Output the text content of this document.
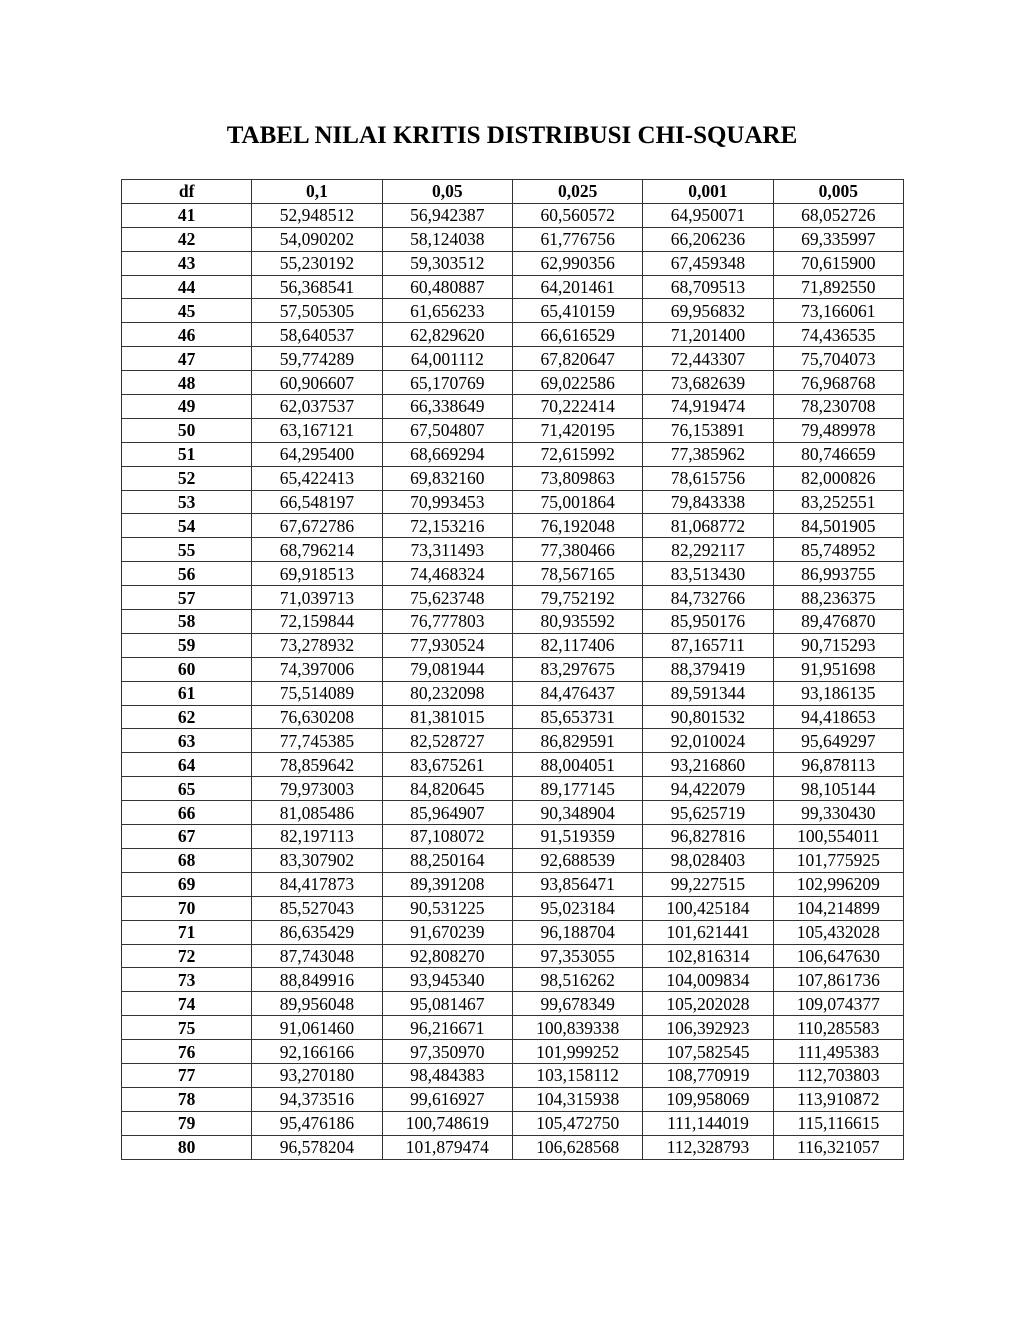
TABEL NILAI KRITIS DISTRIBUSI CHI-SQUARE
df	0,1	0,05	0,025	0,001	0,005
41	52,948512	56,942387	60,560572	64,950071	68,052726
42	54,090202	58,124038	61,776756	66,206236	69,335997
43	55,230192	59,303512	62,990356	67,459348	70,615900
44	56,368541	60,480887	64,201461	68,709513	71,892550
45	57,505305	61,656233	65,410159	69,956832	73,166061
46	58,640537	62,829620	66,616529	71,201400	74,436535
47	59,774289	64,001112	67,820647	72,443307	75,704073
48	60,906607	65,170769	69,022586	73,682639	76,968768
49	62,037537	66,338649	70,222414	74,919474	78,230708
50	63,167121	67,504807	71,420195	76,153891	79,489978
51	64,295400	68,669294	72,615992	77,385962	80,746659
52	65,422413	69,832160	73,809863	78,615756	82,000826
53	66,548197	70,993453	75,001864	79,843338	83,252551
54	67,672786	72,153216	76,192048	81,068772	84,501905
55	68,796214	73,311493	77,380466	82,292117	85,748952
56	69,918513	74,468324	78,567165	83,513430	86,993755
57	71,039713	75,623748	79,752192	84,732766	88,236375
58	72,159844	76,777803	80,935592	85,950176	89,476870
59	73,278932	77,930524	82,117406	87,165711	90,715293
60	74,397006	79,081944	83,297675	88,379419	91,951698
61	75,514089	80,232098	84,476437	89,591344	93,186135
62	76,630208	81,381015	85,653731	90,801532	94,418653
63	77,745385	82,528727	86,829591	92,010024	95,649297
64	78,859642	83,675261	88,004051	93,216860	96,878113
65	79,973003	84,820645	89,177145	94,422079	98,105144
66	81,085486	85,964907	90,348904	95,625719	99,330430
67	82,197113	87,108072	91,519359	96,827816	100,554011
68	83,307902	88,250164	92,688539	98,028403	101,775925
69	84,417873	89,391208	93,856471	99,227515	102,996209
70	85,527043	90,531225	95,023184	100,425184	104,214899
71	86,635429	91,670239	96,188704	101,621441	105,432028
72	87,743048	92,808270	97,353055	102,816314	106,647630
73	88,849916	93,945340	98,516262	104,009834	107,861736
74	89,956048	95,081467	99,678349	105,202028	109,074377
75	91,061460	96,216671	100,839338	106,392923	110,285583
76	92,166166	97,350970	101,999252	107,582545	111,495383
77	93,270180	98,484383	103,158112	108,770919	112,703803
78	94,373516	99,616927	104,315938	109,958069	113,910872
79	95,476186	100,748619	105,472750	111,144019	115,116615
80	96,578204	101,879474	106,628568	112,328793	116,321057
